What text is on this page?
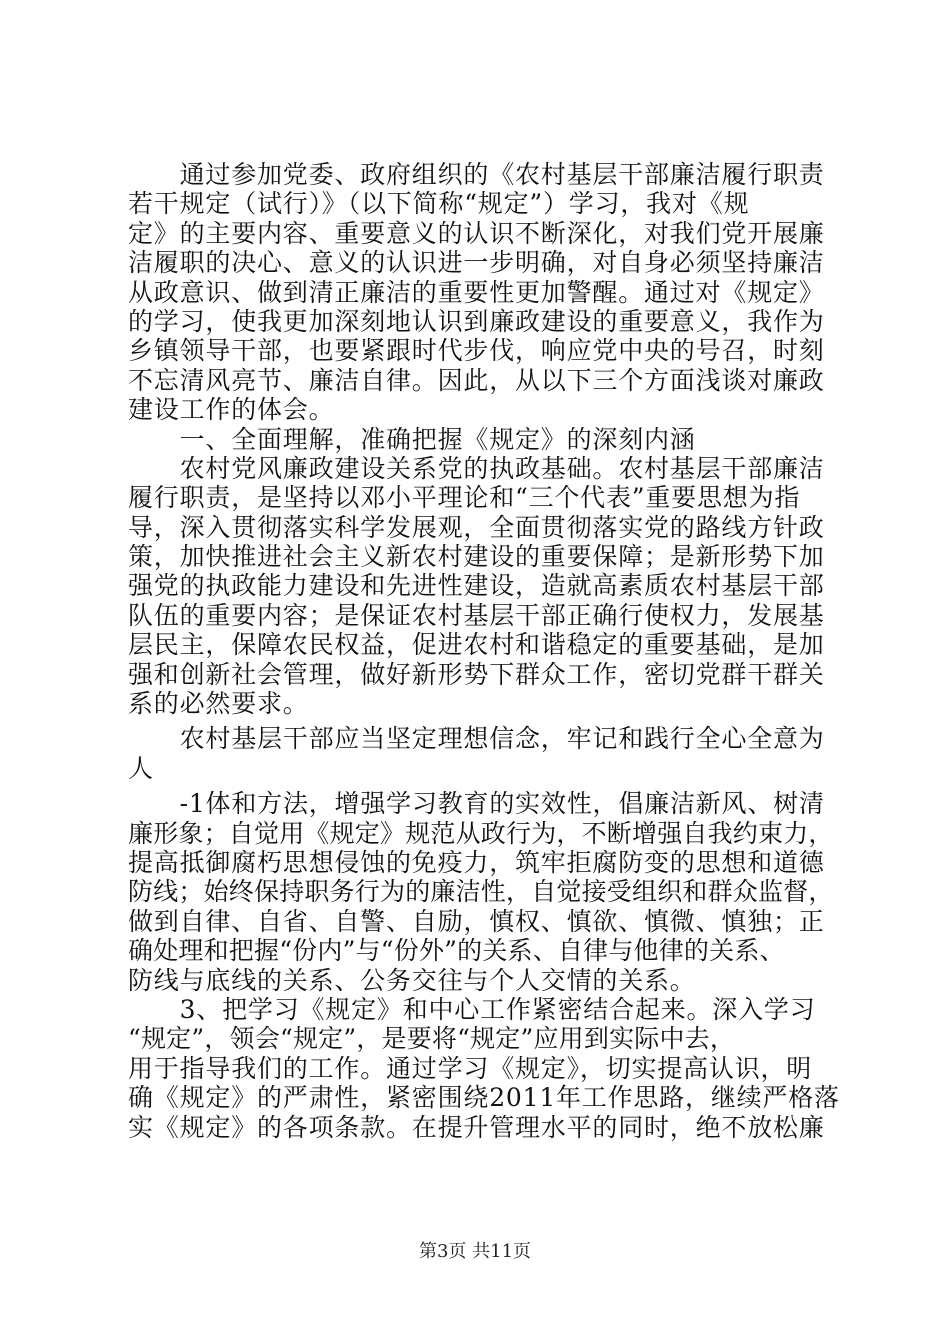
　　通过参加党委、政府组织的《农村基层干部廉洁履行职责
若干规定（试行）》（以下简称“规定”）学习，我对《规
定》的主要内容、重要意义的认识不断深化，对我们党开展廉
洁履职的决心、意义的认识进一步明确，对自身必须坚持廉洁
从政意识、做到清正廉洁的重要性更加警醒。通过对《规定》
的学习，使我更加深刻地认识到廉政建设的重要意义，我作为
乡镇领导干部，也要紧跟时代步伐，响应党中央的号召，时刻
不忘清风亮节、廉洁自律。因此，从以下三个方面浅谈对廉政
建设工作的体会。
　　一、全面理解，准确把握《规定》的深刻内涵
　　农村党风廉政建设关系党的执政基础。农村基层干部廉洁
履行职责，是坚持以邓小平理论和“三个代表”重要思想为指
导，深入贯彻落实科学发展观，全面贯彻落实党的路线方针政
策，加快推进社会主义新农村建设的重要保障；是新形势下加
强党的执政能力建设和先进性建设，造就高素质农村基层干部
队伍的重要内容；是保证农村基层干部正确行使权力，发展基
层民主，保障农民权益，促进农村和谐稳定的重要基础，是加
强和创新社会管理，做好新形势下群众工作，密切党群干群关
系的必然要求。
　　农村基层干部应当坚定理想信念，牢记和践行全心全意为
人
　　-1体和方法，增强学习教育的实效性，倡廉洁新风、树清
廉形象；自觉用《规定》规范从政行为，不断增强自我约束力，
提高抵御腐朽思想侵蚀的免疫力，筑牢拒腐防变的思想和道德
防线；始终保持职务行为的廉洁性，自觉接受组织和群众监督，
做到自律、自省、自警、自励，慎权、慎欲、慎微、慎独；正
确处理和把握“份内”与“份外”的关系、自律与他律的关系、
防线与底线的关系、公务交往与个人交情的关系。
　　3、把学习《规定》和中心工作紧密结合起来。深入学习
“规定”，领会“规定”，是要将“规定”应用到实际中去，
用于指导我们的工作。通过学习《规定》，切实提高认识，明
确《规定》的严肃性，紧密围绕2011年工作思路，继续严格落
实《规定》的各项条款。在提升管理水平的同时，绝不放松廉
第3页 共11页
